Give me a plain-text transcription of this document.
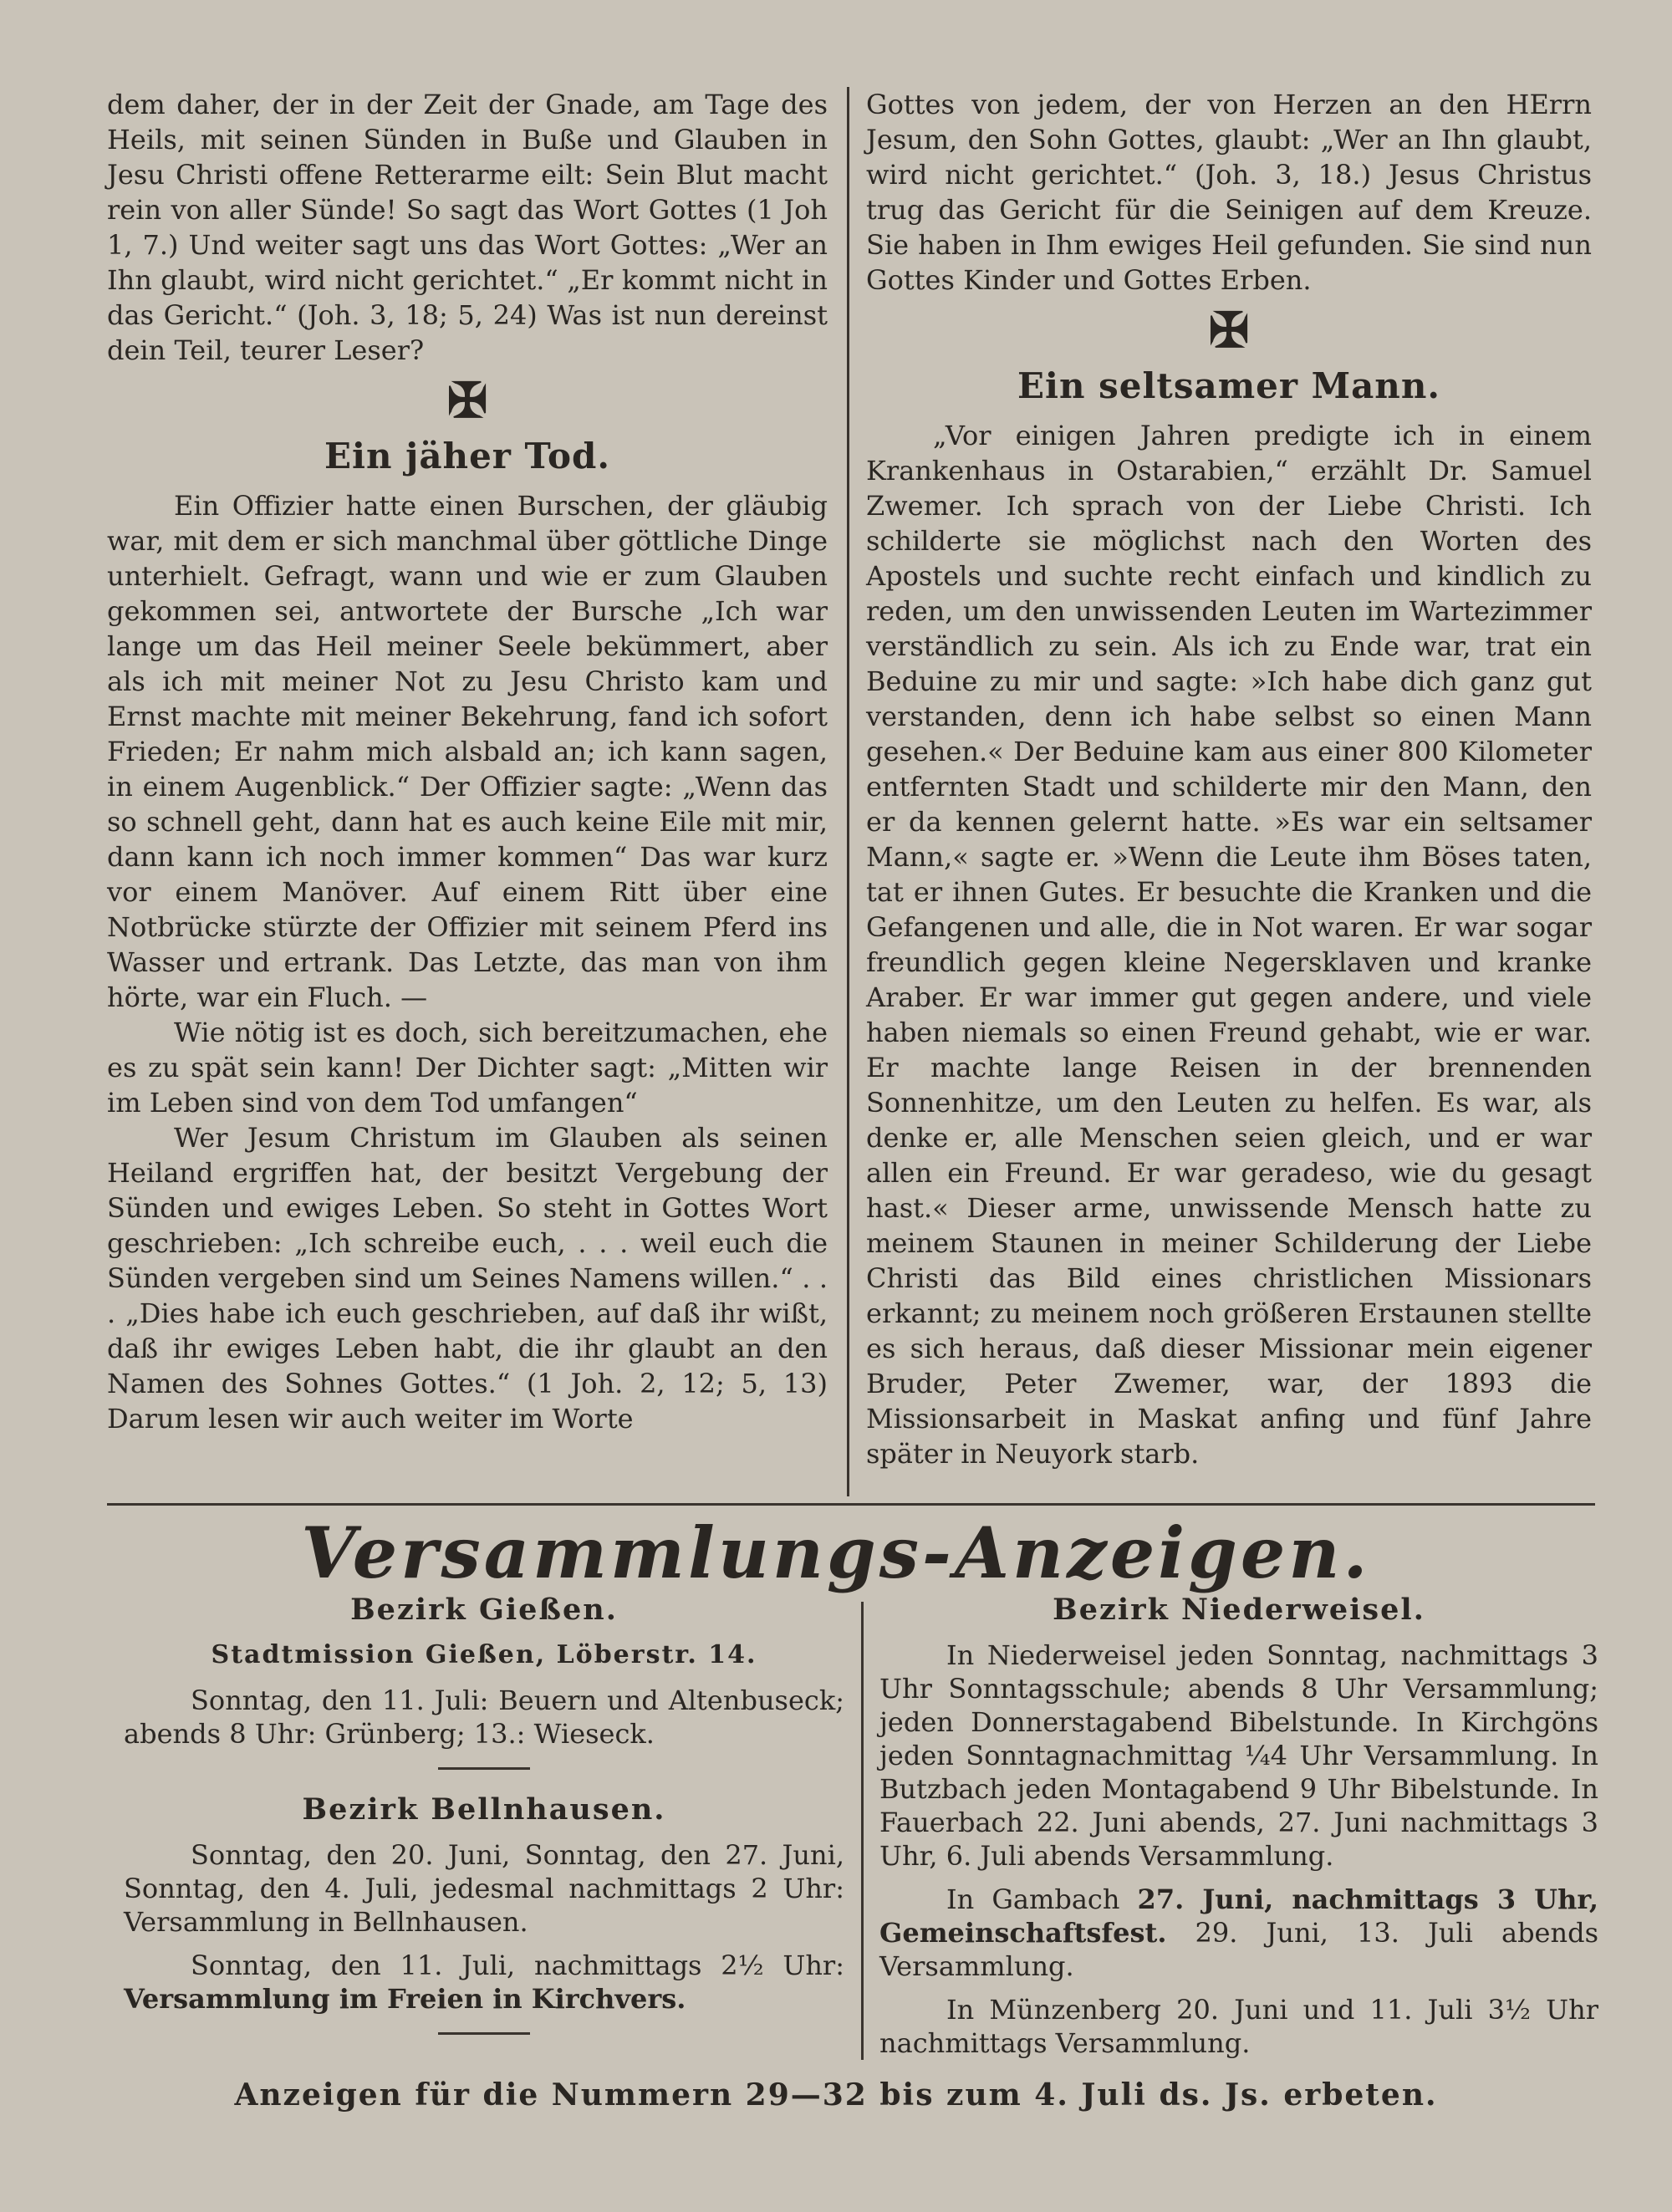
dem daher, der in der Zeit der Gnade, am Tage des Heils, mit seinen Sünden in Buße und Glauben in Jesu Christi offene Retterarme eilt: Sein Blut macht rein von aller Sünde! So sagt das Wort Gottes (1 Joh 1, 7.) Und weiter sagt uns das Wort Gottes: „Wer an Ihn glaubt, wird nicht gerichtet.“ „Er kommt nicht in das Gericht.“ (Joh. 3, 18; 5, 24) Was ist nun dereinst dein Teil, teurer Leser?

✠

Ein jäher Tod.

Ein Offizier hatte einen Burschen, der gläubig war, mit dem er sich manchmal über göttliche Dinge unterhielt. Gefragt, wann und wie er zum Glauben gekommen sei, antwortete der Bursche „Ich war lange um das Heil meiner Seele bekümmert, aber als ich mit meiner Not zu Jesu Christo kam und Ernst machte mit meiner Bekehrung, fand ich sofort Frieden; Er nahm mich alsbald an; ich kann sagen, in einem Augenblick.“ Der Offizier sagte: „Wenn das so schnell geht, dann hat es auch keine Eile mit mir, dann kann ich noch immer kommen“ Das war kurz vor einem Manöver. Auf einem Ritt über eine Notbrücke stürzte der Offizier mit seinem Pferd ins Wasser und ertrank. Das Letzte, das man von ihm hörte, war ein Fluch. —

Wie nötig ist es doch, sich bereitzumachen, ehe es zu spät sein kann! Der Dichter sagt: „Mitten wir im Leben sind von dem Tod umfangen“

Wer Jesum Christum im Glauben als seinen Heiland ergriffen hat, der besitzt Vergebung der Sünden und ewiges Leben. So steht in Gottes Wort geschrieben: „Ich schreibe euch, . . . weil euch die Sünden vergeben sind um Seines Namens willen.“ . . . „Dies habe ich euch geschrieben, auf daß ihr wißt, daß ihr ewiges Leben habt, die ihr glaubt an den Namen des Sohnes Gottes.“ (1 Joh. 2, 12; 5, 13) Darum lesen wir auch weiter im Worte

Gottes von jedem, der von Herzen an den HErrn Jesum, den Sohn Gottes, glaubt: „Wer an Ihn glaubt, wird nicht gerichtet.“ (Joh. 3, 18.) Jesus Christus trug das Gericht für die Seinigen auf dem Kreuze. Sie haben in Ihm ewiges Heil gefunden. Sie sind nun Gottes Kinder und Gottes Erben.

✠

Ein seltsamer Mann.

„Vor einigen Jahren predigte ich in einem Krankenhaus in Ostarabien,“ erzählt Dr. Samuel Zwemer. Ich sprach von der Liebe Christi. Ich schilderte sie möglichst nach den Worten des Apostels und suchte recht einfach und kindlich zu reden, um den unwissenden Leuten im Wartezimmer verständlich zu sein. Als ich zu Ende war, trat ein Beduine zu mir und sagte: »Ich habe dich ganz gut verstanden, denn ich habe selbst so einen Mann gesehen.« Der Beduine kam aus einer 800 Kilometer entfernten Stadt und schilderte mir den Mann, den er da kennen gelernt hatte. »Es war ein seltsamer Mann,« sagte er. »Wenn die Leute ihm Böses taten, tat er ihnen Gutes. Er besuchte die Kranken und die Gefangenen und alle, die in Not waren. Er war sogar freundlich gegen kleine Negersklaven und kranke Araber. Er war immer gut gegen andere, und viele haben niemals so einen Freund gehabt, wie er war. Er machte lange Reisen in der brennenden Sonnenhitze, um den Leuten zu helfen. Es war, als denke er, alle Menschen seien gleich, und er war allen ein Freund. Er war geradeso, wie du gesagt hast.« Dieser arme, unwissende Mensch hatte zu meinem Staunen in meiner Schilderung der Liebe Christi das Bild eines christlichen Missionars erkannt; zu meinem noch größeren Erstaunen stellte es sich heraus, daß dieser Missionar mein eigener Bruder, Peter Zwemer, war, der 1893 die Missionsarbeit in Maskat anfing und fünf Jahre später in Neuyork starb.

Versammlungs-Anzeigen.
Bezirk Gießen.
Stadtmission Gießen, Löberstr. 14.

Sonntag, den 11. Juli: Beuern und Altenbuseck; abends 8 Uhr: Grünberg; 13.: Wieseck.

Bezirk Bellnhausen.

Sonntag, den 20. Juni, Sonntag, den 27. Juni, Sonntag, den 4. Juli, jedesmal nachmittags 2 Uhr: Versammlung in Bellnhausen.

Sonntag, den 11. Juli, nachmittags 2½ Uhr: Versammlung im Freien in Kirchvers.

Bezirk Niederweisel.

In Niederweisel jeden Sonntag, nachmittags 3 Uhr Sonntagsschule; abends 8 Uhr Versammlung; jeden Donnerstagabend Bibelstunde. In Kirchgöns jeden Sonntagnachmittag ¼4 Uhr Versammlung. In Butzbach jeden Montagabend 9 Uhr Bibelstunde. In Fauerbach 22. Juni abends, 27. Juni nachmittags 3 Uhr, 6. Juli abends Versammlung.

In Gambach 27. Juni, nachmittags 3 Uhr, Gemeinschaftsfest. 29. Juni, 13. Juli abends Versammlung.

In Münzenberg 20. Juni und 11. Juli 3½ Uhr nachmittags Versammlung.

Anzeigen für die Nummern 29—32 bis zum 4. Juli ds. Js. erbeten.
